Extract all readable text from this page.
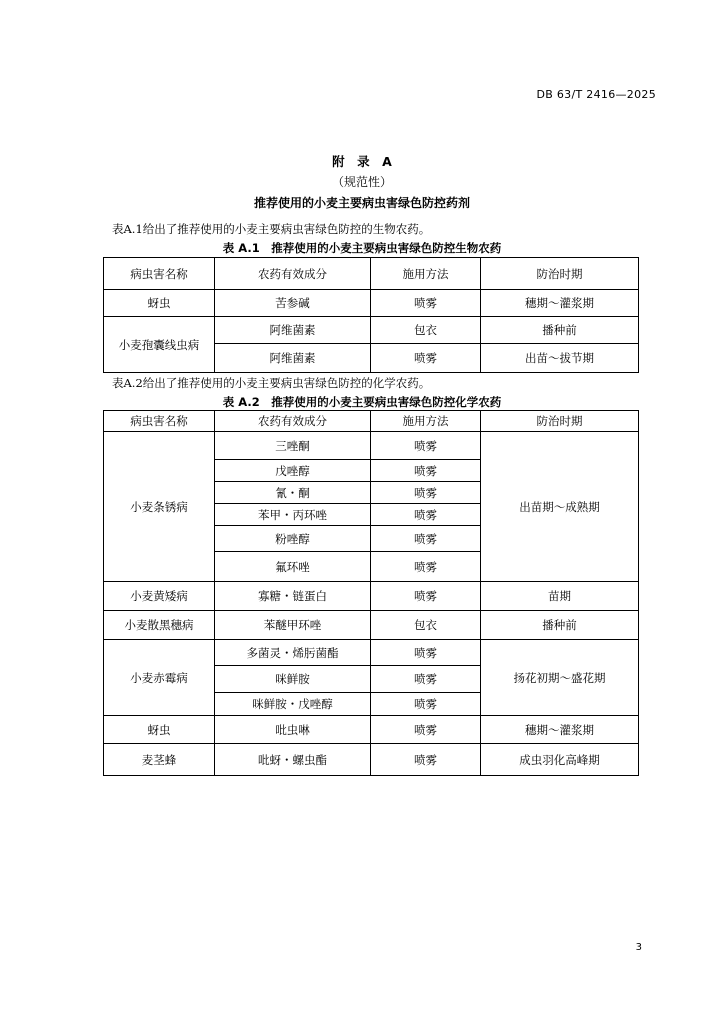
DB 63/T 2416—2025
附　录　A
（规范性）
推荐使用的小麦主要病虫害绿色防控药剂
表A.1给出了推荐使用的小麦主要病虫害绿色防控的生物农药。
表 A.1　推荐使用的小麦主要病虫害绿色防控生物农药
病虫害名称	农药有效成分	施用方法	防治时期
蚜虫	苦参碱	喷雾	穗期～灌浆期
小麦孢囊线虫病	阿维菌素	包衣	播种前
	阿维菌素	喷雾	出苗～拔节期
表A.2给出了推荐使用的小麦主要病虫害绿色防控的化学农药。
表 A.2　推荐使用的小麦主要病虫害绿色防控化学农药
病虫害名称	农药有效成分	施用方法	防治时期
小麦条锈病	三唑酮	喷雾	出苗期～成熟期
	戊唑醇	喷雾	
	氰・酮	喷雾	
	苯甲・丙环唑	喷雾	
	粉唑醇	喷雾	
	氟环唑	喷雾	
小麦黄矮病	寡糖・链蛋白	喷雾	苗期
小麦散黑穗病	苯醚甲环唑	包衣	播种前
小麦赤霉病	多菌灵・烯肟菌酯	喷雾	扬花初期～盛花期
	咪鲜胺	喷雾	
	咪鲜胺・戊唑醇	喷雾	
蚜虫	吡虫啉	喷雾	穗期～灌浆期
麦茎蜂	吡蚜・螺虫酯	喷雾	成虫羽化高峰期
3
